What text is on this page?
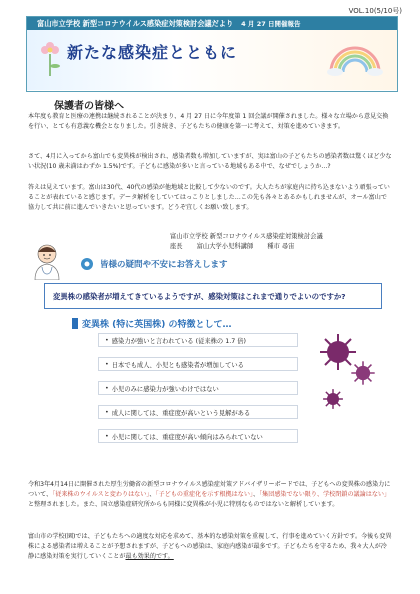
VOL.10(5/10号)
富山市立学校 新型コロナウイルス感染症対策検討会議だより 4 月 27 日開催報告
新たな感染症とともに
保護者の皆様へ
本年度も教育と医療の連携は継続されることが決まり、4 月 27 日に今年度第 1 回会議が開催されました。様々な立場から意見交換を行い、とても有意義な機会となりました。引き続き、子どもたちの健康を第一に考えて、対策を進めていきます。
さて、4月に入ってから富山でも変異株が検出され、感染者数も増加していますが、実は富山の子どもたちの感染者数は驚くほど少ない状況(10 歳未満はわずか 1.5%)です。子どもに感染が多いと言っている地域もある中で、なぜでしょうか…?
答えは見えています。富山は30代、40代の感染が他地域と比較して少ないのです。大人たちが家庭内に持ち込まないよう頑張っていることが表れていると感じます。データ解析をしていてはっこりとしました…この先も各々とあるかもしれませんが、オール富山で協力して共に前に進んでいきたいと思っています。どうぞ宜しくお願い致します。
富山市立学校 新型コロナウイルス感染症対策検討会議
座長 富山大学小児科講師 種市 尋宙
皆様の疑問や不安にお答えします
変異株の感染者が増えてきているようですが、感染対策はこれまで通りでよいのですか?
変異株 (特に英国株) の特徴として…
• 感染力が強いと言われている (従来株の 1.7 倍)
• 日本でも成人、小児とも感染者が増加している
• 小児のみに感染力が強いわけではない
• 成人に関しては、重症度が高いという見解がある
• 小児に関しては、重症度が高い傾向はみられていない
令和3年4月14日に開催された厚生労働省の新型コロナウイルス感染症対策アドバイザリーボードでは、子どもへの変異株の感染力について、「従来株のウイルスと変わりはない」、「子どもの重症化を示す根拠はない」、「集団感染でない限り、学校閉鎖の議論はない」と整理されました。また、国立感染症研究所からも同様に変異株が小児に特別なものではないと解析しています。
富山市の学校(園)では、子どもたちへの適度な対応を求めて、基本的な感染対策を重視して、行事を進めていく方針です。今後も変異株による感染者は増えることが予想されますが、子どもへの感染は、家庭内感染が最多です。子どもたちを守るため、我々大人が冷静に感染対策を実行していくことが最も効果的です。
